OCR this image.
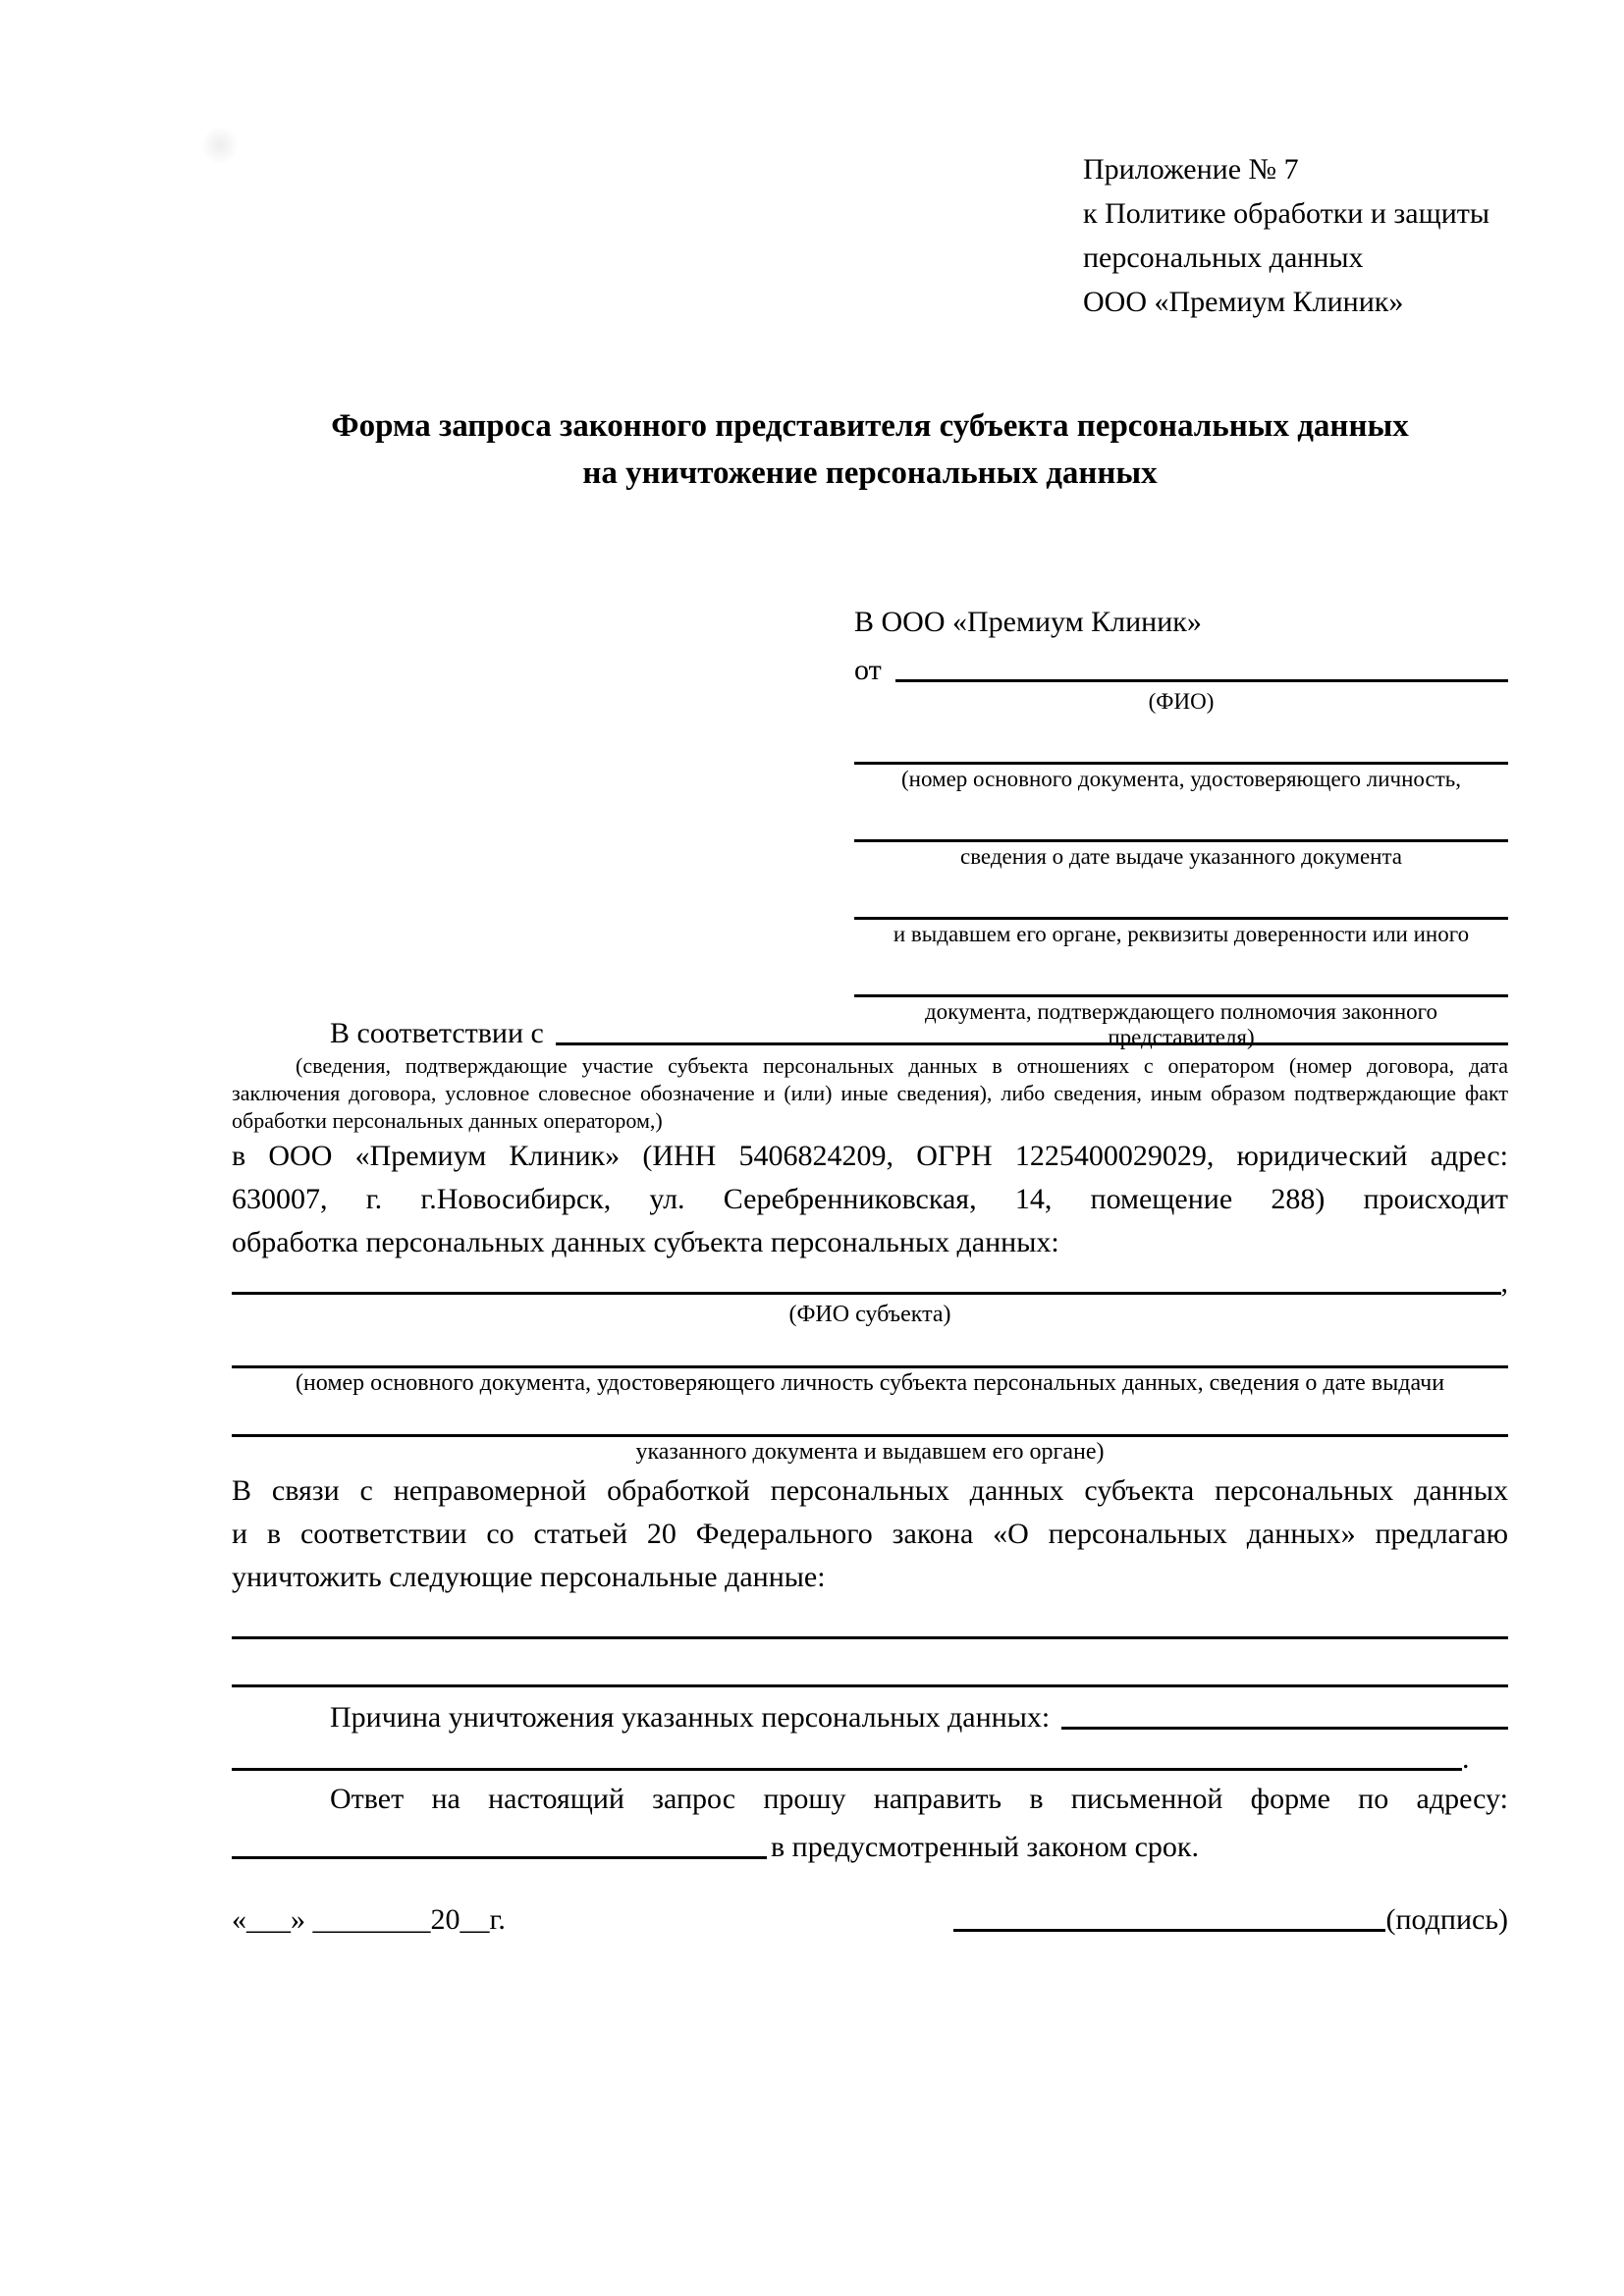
Приложение № 7
к Политике обработки и защиты
персональных данных
ООО «Премиум Клиник»
Форма запроса законного представителя субъекта персональных данных
на уничтожение персональных данных
В ООО «Премиум Клиник»
от
(ФИО)
(номер основного документа, удостоверяющего личность,
сведения о дате выдаче указанного документа
и выдавшем его органе, реквизиты доверенности или иного
документа, подтверждающего полномочия законного представителя)
В соответствии с
(сведения, подтверждающие участие субъекта персональных данных в отношениях с оператором (номер договора, дата
заключения договора, условное словесное обозначение и (или) иные сведения), либо сведения, иным образом подтверждающие факт
обработки персональных данных оператором,)
в ООО «Премиум Клиник» (ИНН 5406824209, ОГРН 1225400029029, юридический адрес:
630007, г. г.Новосибирск, ул. Серебренниковская, 14, помещение 288) происходит
обработка персональных данных субъекта персональных данных:
,
(ФИО субъекта)
(номер основного документа, удостоверяющего личность субъекта персональных данных, сведения о дате выдачи
указанного документа и выдавшем его органе)
В связи с неправомерной обработкой персональных данных субъекта персональных данных
и в соответствии со статьей 20 Федерального закона «О персональных данных» предлагаю
уничтожить следующие персональные данные:
Причина уничтожения указанных персональных данных:
.
Ответ на настоящий запрос прошу направить в письменной форме по адресу:
в предусмотренный законом срок.
«___» ________20__г.	(подпись)
